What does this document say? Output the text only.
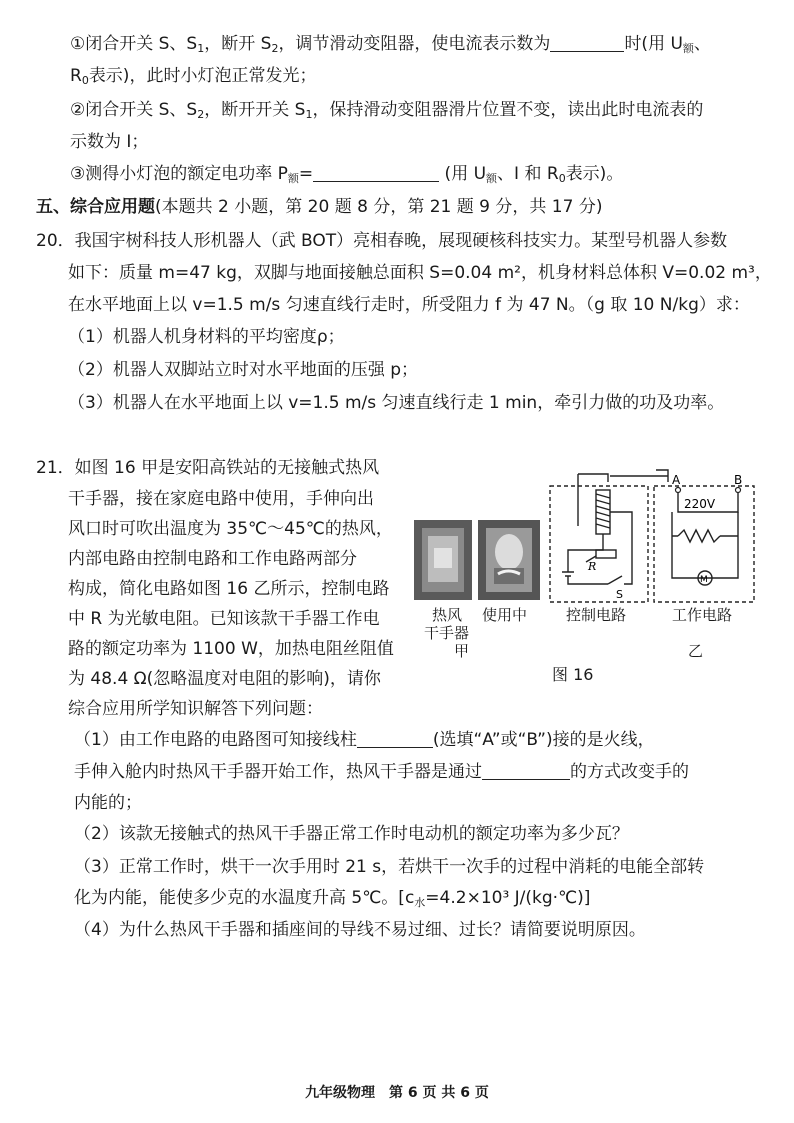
①闭合开关 S、$S_1$，断开 $S_2$，调节滑动变阻器，使电流表示数为	时(用 $U_额$、
$R_0$表示)，此时小灯泡正常发光；
②闭合开关 S、$S_2$，断开开关 $S_1$，保持滑动变阻器滑片位置不变，读出此时电流表的
示数为 I；
③测得小灯泡的额定电功率 $P_额=$	(用 $U_额$、I 和 $R_0$表示)。
五、综合应用题(本题共 2 小题，第 20 题 8 分，第 21 题 9 分，共 17 分)
20．我国宇树科技人形机器人（武 BOT）亮相春晚，展现硬核科技实力。某型号机器人参数
如下：质量 m=47 kg，双脚与地面接触总面积 S=0.04 m²，机身材料总体积 V=0.02 m³，
在水平地面上以 v=1.5 m/s 匀速直线行走时，所受阻力 f 为 47 N。（g 取 10 N/kg）求：
（1）机器人机身材料的平均密度ρ；
（2）机器人双脚站立时对水平地面的压强 p；
（3）机器人在水平地面上以 v=1.5 m/s 匀速直线行走 1 min，牵引力做的功及功率。
21．如图 16 甲是安阳高铁站的无接触式热风
干手器，接在家庭电路中使用，手伸向出
风口时可吹出温度为 35℃～45℃的热风，
内部电路由控制电路和工作电路两部分
构成，简化电路如图 16 乙所示，控制电路
中 R 为光敏电阻。已知该款干手器工作电
路的额定功率为 1100 W，加热电阻丝阻值
为 48.4 Ω(忽略温度对电阻的影响)，请你
综合应用所学知识解答下列问题：
热风
干手器
使用中
甲
A	B
220V
R
S
M
控制电路	工作电路
乙
图 16
（1）由工作电路的电路图可知接线柱	(选填“A”或“B”)接的是火线，
手伸入舱内时热风干手器开始工作，热风干手器是通过	的方式改变手的
内能的；
（2）该款无接触式的热风干手器正常工作时电动机的额定功率为多少瓦？
（3）正常工作时，烘干一次手用时 21 s，若烘干一次手的过程中消耗的电能全部转
化为内能，能使多少克的水温度升高 5℃。[$c_水=4.2\times 10^3$ J/(kg·℃)]
（4）为什么热风干手器和插座间的导线不易过细、过长？请简要说明原因。
九年级物理　第 6 页 共 6 页
